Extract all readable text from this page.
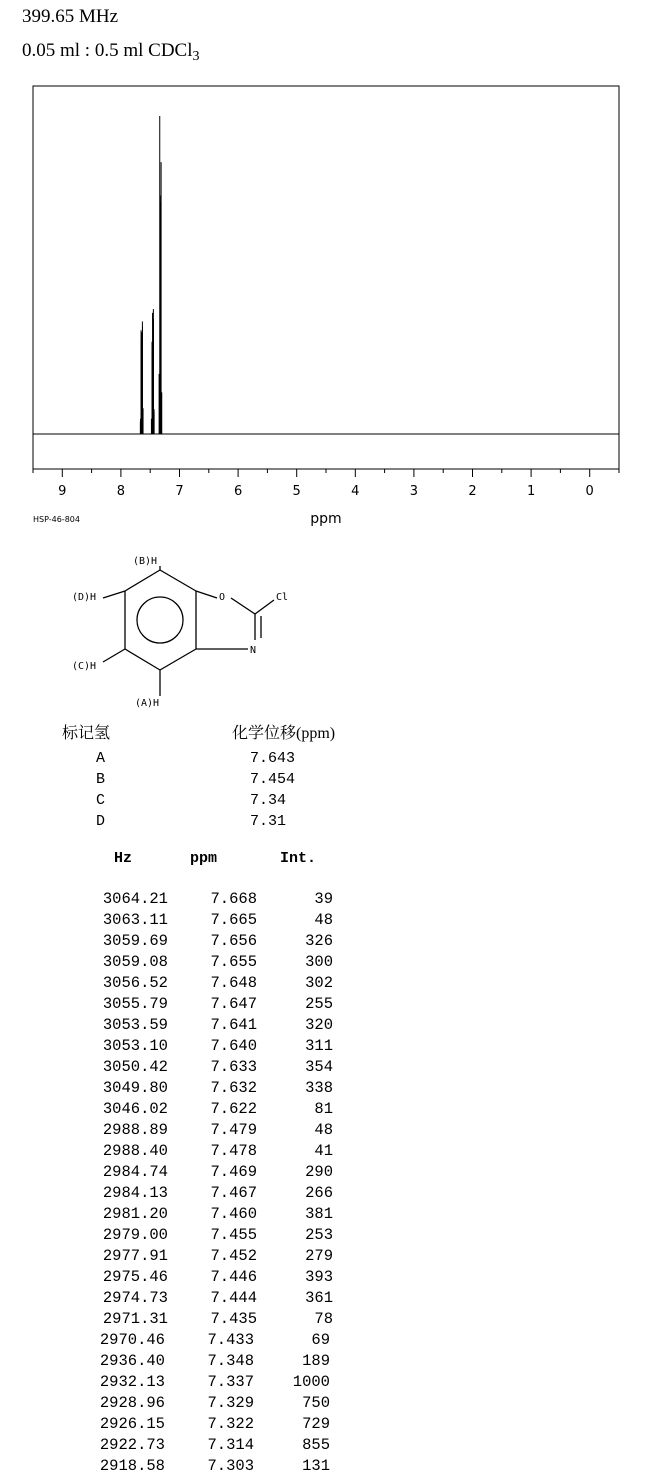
399.65 MHz
0.05 ml : 0.5 ml CDCl$_3$
9	8	7	6	5	4	3	2	1	0
ppm
HSP-46-804
(B)H
(D)H
(C)H
(A)H
O
N
Cl
标记氢	化学位移(ppm)
A	7.643
B	7.454
C	7.34
D	7.31
Hz	ppm	Int.
3064.21	7.668	39
3063.11	7.665	48
3059.69	7.656	326
3059.08	7.655	300
3056.52	7.648	302
3055.79	7.647	255
3053.59	7.641	320
3053.10	7.640	311
3050.42	7.633	354
3049.80	7.632	338
3046.02	7.622	81
2988.89	7.479	48
2988.40	7.478	41
2984.74	7.469	290
2984.13	7.467	266
2981.20	7.460	381
2979.00	7.455	253
2977.91	7.452	279
2975.46	7.446	393
2974.73	7.444	361
2971.31	7.435	78
2970.46	7.433	69
2936.40	7.348	189
2932.13	7.337	1000
2928.96	7.329	750
2926.15	7.322	729
2922.73	7.314	855
2918.58	7.303	131
